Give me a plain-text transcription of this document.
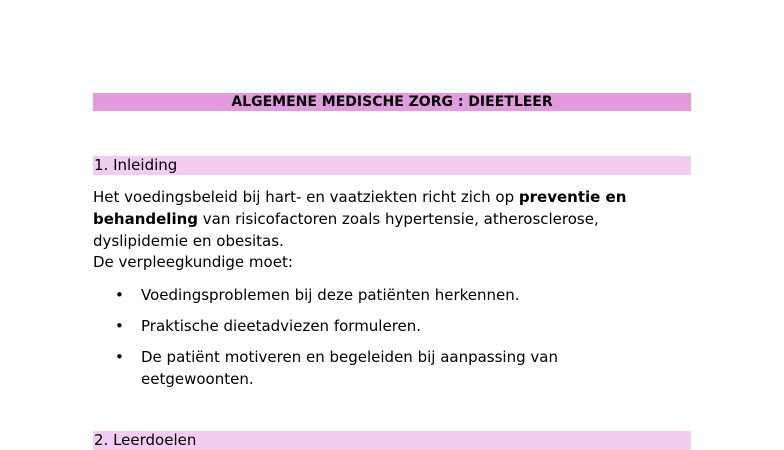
ALGEMENE MEDISCHE ZORG : DIEETLEER
1. Inleiding

Het voedingsbeleid bij hart- en vaatziekten richt zich op preventie en behandeling van risicofactoren zoals hypertensie, atherosclerose, dyslipidemie en obesitas.

De verpleegkundige moet:

• Voedingsproblemen bij deze patiënten herkennen.
• Praktische dieetadviezen formuleren.
• De patiënt motiveren en begeleiden bij aanpassing van eetgewoonten.
2. Leerdoelen
